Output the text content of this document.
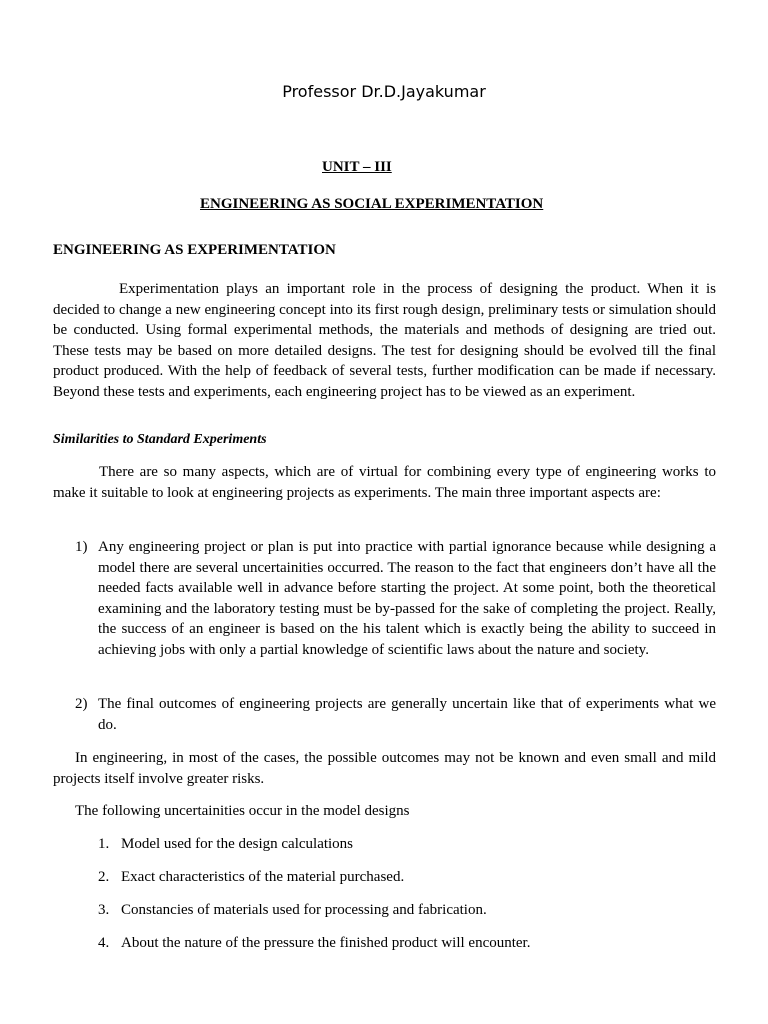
Professor Dr.D.Jayakumar
UNIT – III
ENGINEERING AS SOCIAL EXPERIMENTATION
ENGINEERING AS EXPERIMENTATION

Experimentation plays an important role in the process of designing the product. When it is decided to change a new engineering concept into its first rough design, preliminary tests or simulation should be conducted. Using formal experimental methods, the materials and methods of designing are tried out. These tests may be based on more detailed designs. The test for designing should be evolved till the final product produced. With the help of feedback of several tests, further modification can be made if necessary. Beyond these tests and experiments, each engineering project has to be viewed as an experiment.

Similarities to Standard Experiments

There are so many aspects, which are of virtual for combining every type of engineering works to make it suitable to look at engineering projects as experiments. The main three important aspects are:

1) Any engineering project or plan is put into practice with partial ignorance because while designing a model there are several uncertainities occurred. The reason to the fact that engineers don’t have all the needed facts available well in advance before starting the project. At some point, both the theoretical examining and the laboratory testing must be by-passed for the sake of completing the project. Really, the success of an engineer is based on the his talent which is exactly being the ability to succeed in achieving jobs with only a partial knowledge of scientific laws about the nature and society.
2) The final outcomes of engineering projects are generally uncertain like that of experiments what we do.

In engineering, in most of the cases, the possible outcomes may not be known and even small and mild projects itself involve greater risks.

The following uncertainities occur in the model designs
1. Model used for the design calculations
2. Exact characteristics of the material purchased.
3. Constancies of materials used for processing and fabrication.
4. About the nature of the pressure the finished product will encounter.
